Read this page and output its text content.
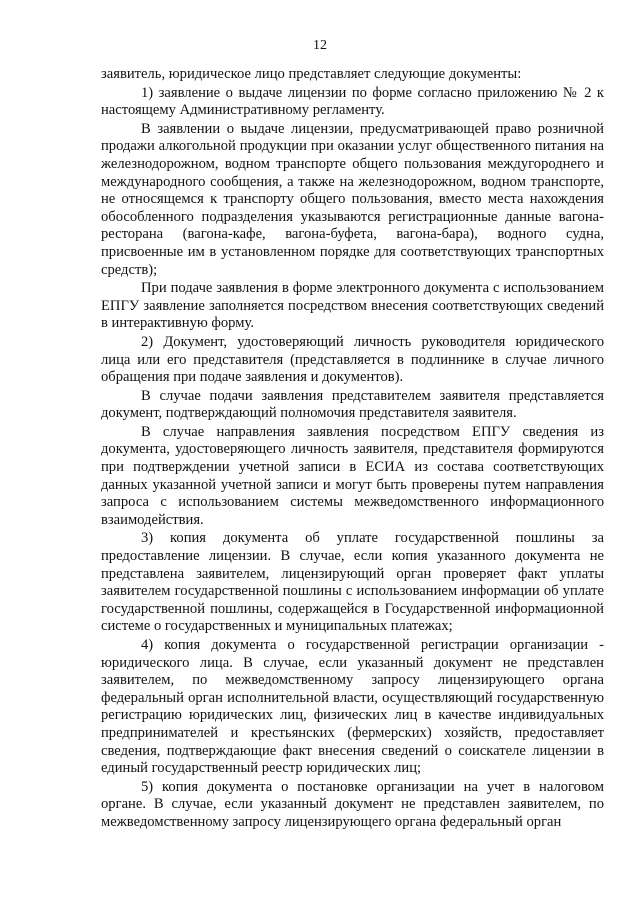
12

заявитель, юридическое лицо представляет следующие документы:

1) заявление о выдаче лицензии по форме согласно приложению № 2 к настоящему Административному регламенту.

В заявлении о выдаче лицензии, предусматривающей право розничной продажи алкогольной продукции при оказании услуг общественного питания на железнодорожном, водном транспорте общего пользования междугороднего и международного сообщения, а также на железнодорожном, водном транспорте, не относящемся к транспорту общего пользования, вместо места нахождения обособленного подразделения указываются регистрационные данные вагона-ресторана (вагона-кафе, вагона-буфета, вагона-бара), водного судна, присвоенные им в установленном порядке для соответствующих транспортных средств);

При подаче заявления в форме электронного документа с использованием ЕПГУ заявление заполняется посредством внесения соответствующих сведений в интерактивную форму.

2) Документ, удостоверяющий личность руководителя юридического лица или его представителя (представляется в подлиннике в случае личного обращения при подаче заявления и документов).

В случае подачи заявления представителем заявителя представляется документ, подтверждающий полномочия представителя заявителя.

В случае направления заявления посредством ЕПГУ сведения из документа, удостоверяющего личность заявителя, представителя формируются при подтверждении учетной записи в ЕСИА из состава соответствующих данных указанной учетной записи и могут быть проверены путем направления запроса с использованием системы межведомственного информационного взаимодействия.

3) копия документа об уплате государственной пошлины за предоставление лицензии. В случае, если копия указанного документа не представлена заявителем, лицензирующий орган проверяет факт уплаты заявителем государственной пошлины с использованием информации об уплате государственной пошлины, содержащейся в Государственной информационной системе о государственных и муниципальных платежах;

4) копия документа о государственной регистрации организации - юридического лица. В случае, если указанный документ не представлен заявителем, по межведомственному запросу лицензирующего органа федеральный орган исполнительной власти, осуществляющий государственную регистрацию юридических лиц, физических лиц в качестве индивидуальных предпринимателей и крестьянских (фермерских) хозяйств, предоставляет сведения, подтверждающие факт внесения сведений о соискателе лицензии в единый государственный реестр юридических лиц;

5) копия документа о постановке организации на учет в налоговом органе. В случае, если указанный документ не представлен заявителем, по межведомственному запросу лицензирующего органа федеральный орган
